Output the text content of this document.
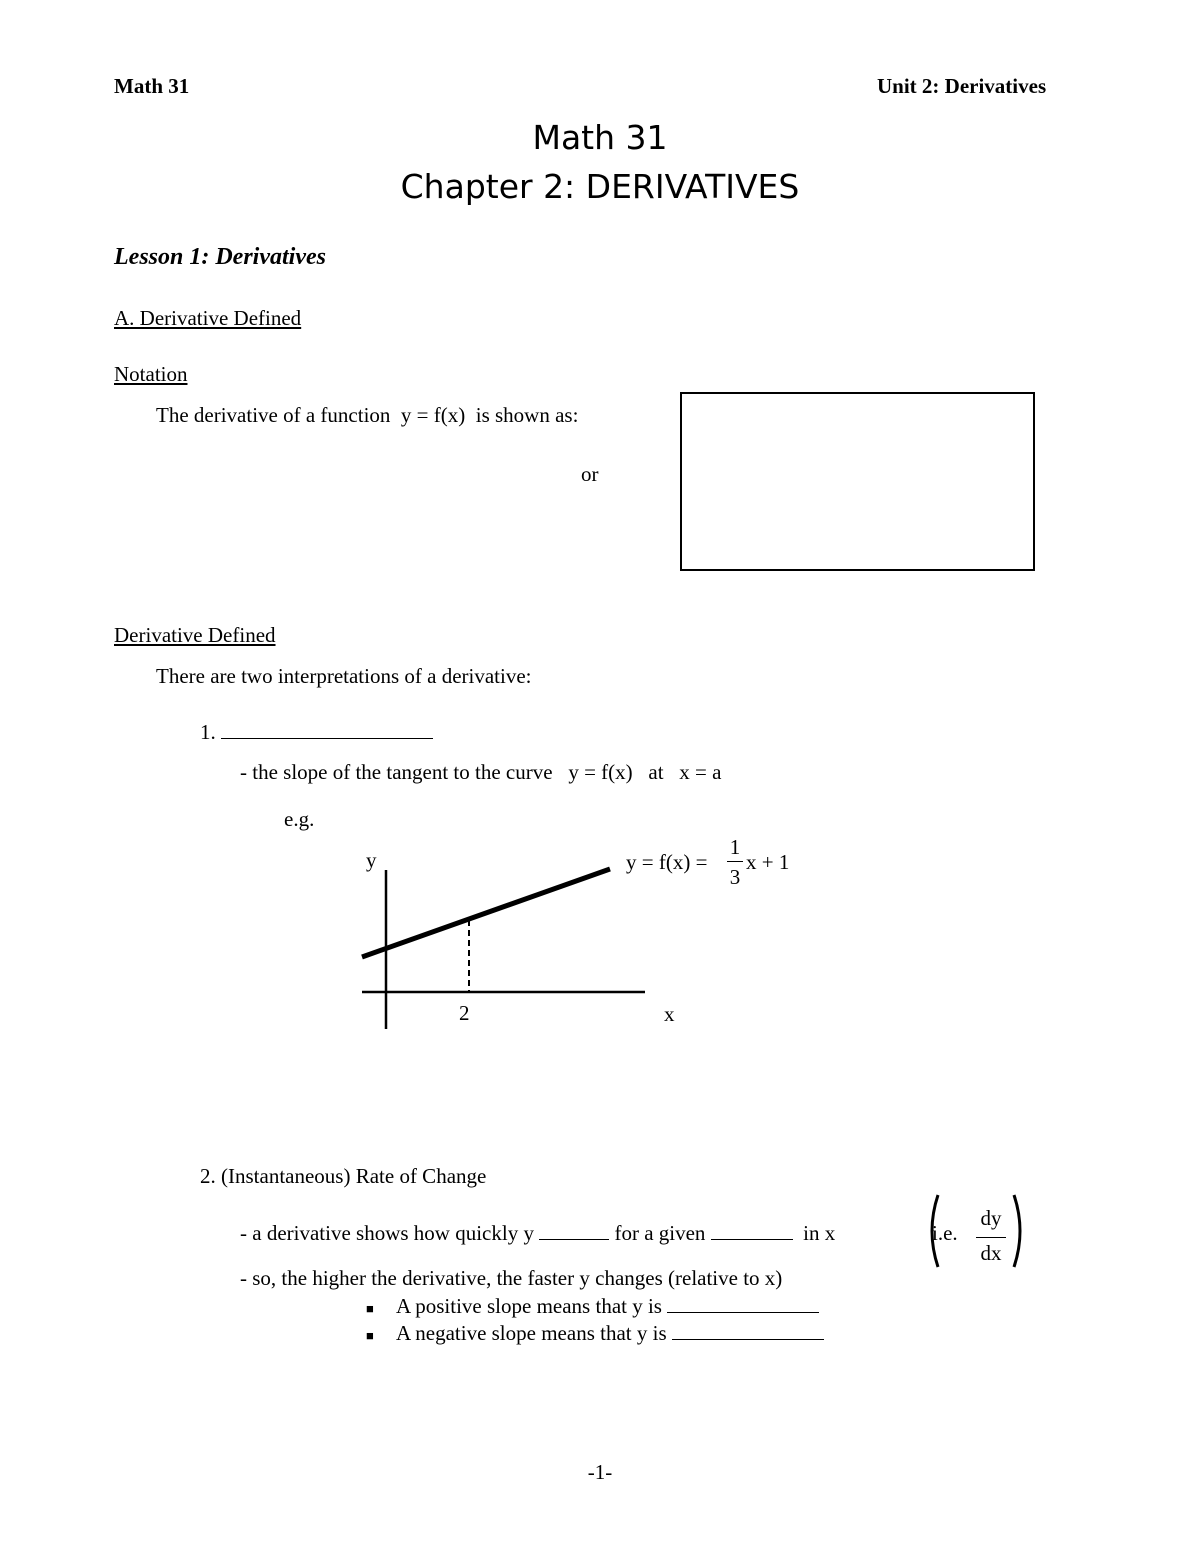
Math 31	Unit 2: Derivatives
Math 31
Chapter 2: DERIVATIVES
Lesson 1: Derivatives
A. Derivative Defined
Notation
The derivative of a function y = f(x) is shown as:
or
Derivative Defined
There are two interpretations of a derivative:
1.
- the slope of the tangent to the curve y = f(x) at x = a
e.g.
y
x
2
y = f(x) =
1
3
x + 1
2. (Instantaneous) Rate of Change
- a derivative shows how quickly y	for a given	in x	i.e.
dy
dx
- so, the higher the derivative, the faster y changes (relative to x)
■ A positive slope means that y is
■ A negative slope means that y is
-1-
